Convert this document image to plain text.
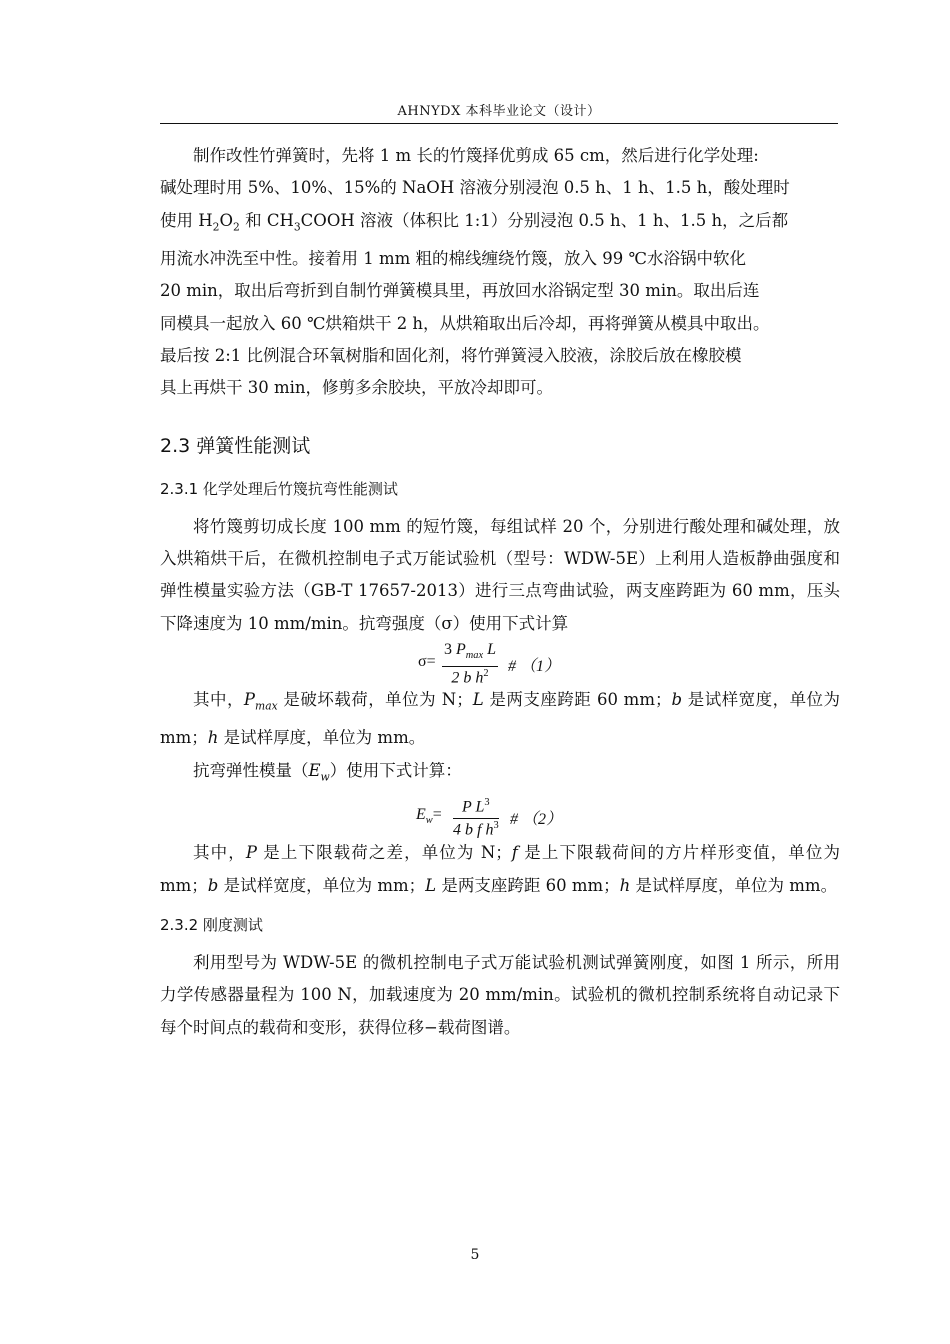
AHNYDX 本科毕业论文（设计）

制作改性竹弹簧时，先将 1 m 长的竹篾择优剪成 65 cm，然后进行化学处理:
碱处理时用 5%、10%、15%的 NaOH 溶液分别浸泡 0.5 h、1 h、1.5 h，酸处理时
使用 $H_2O_2$ 和 $CH_3COOH$ 溶液（体积比 1:1）分别浸泡 0.5 h、1 h、1.5 h，之后都
用流水冲洗至中性。接着用 1 mm 粗的棉线缠绕竹篾，放入 99 ℃水浴锅中软化
20 min，取出后弯折到自制竹弹簧模具里，再放回水浴锅定型 30 min。取出后连
同模具一起放入 60 ℃烘箱烘干 2 h，从烘箱取出后冷却，再将弹簧从模具中取出。
最后按 2:1 比例混合环氧树脂和固化剂，将竹弹簧浸入胶液，涂胶后放在橡胶模
具上再烘干 30 min，修剪多余胶块，平放冷却即可。

2.3 弹簧性能测试
2.3.1 化学处理后竹篾抗弯性能测试

将竹篾剪切成长度 100 mm 的短竹篾，每组试样 20 个，分别进行酸处理和碱处理，放入烘箱烘干后，在微机控制电子式万能试验机（型号：WDW-5E）上利用人造板静曲强度和弹性模量实验方法（GB-T 17657-2013）进行三点弯曲试验，两支座跨距为 60 mm，压头下降速度为 10 mm/min。抗弯强度（σ）使用下式计算

σ=
3 $P_{max}$ L
2 b $h^2$	# （1）

其中，$P_{max}$ 是破坏载荷，单位为 N；L 是两支座跨距 60 mm；b 是试样宽度，单位为 mm；h 是试样厚度，单位为 mm。

抗弯弹性模量$(E_w)$使用下式计算：

$E_w= \frac{P L^3}{4 b f h^3}$ # （2）

其中，P 是上下限载荷之差，单位为 N；f 是上下限载荷间的方片样形变值，单位为 mm；b 是试样宽度，单位为 mm；L 是两支座跨距 60 mm；h 是试样厚度，单位为 mm。

2.3.2 刚度测试

利用型号为 WDW-5E 的微机控制电子式万能试验机测试弹簧刚度，如图 1 所示，所用力学传感器量程为 100 N，加载速度为 20 mm/min。试验机的微机控制系统将自动记录下每个时间点的载荷和变形，获得位移−载荷图谱。

5
